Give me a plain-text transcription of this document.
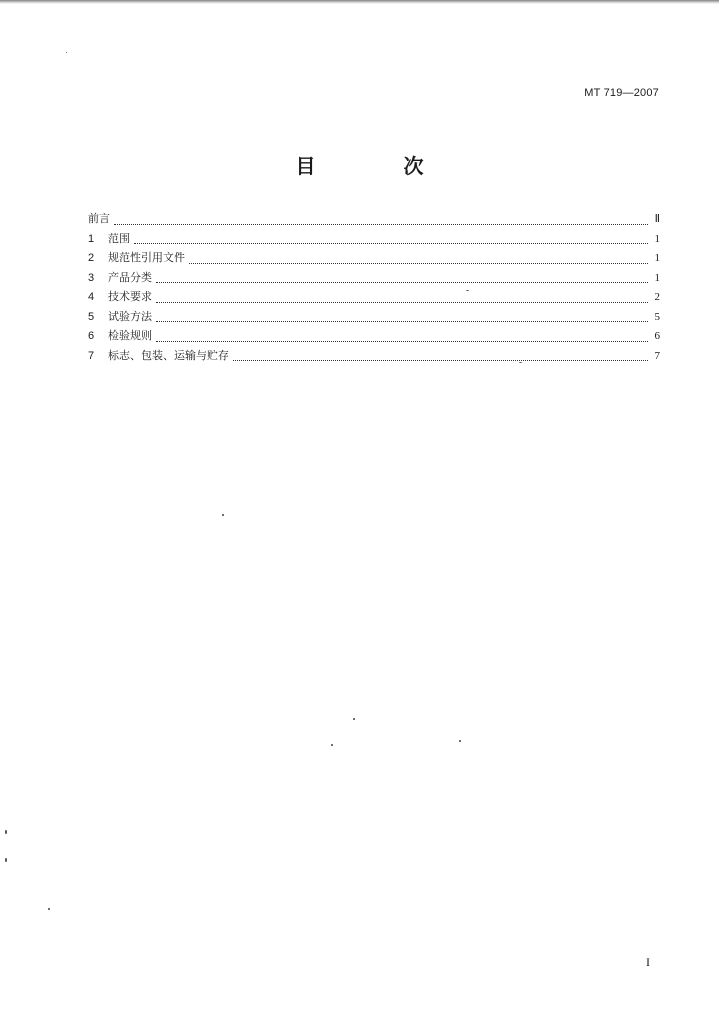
MT 719—2007
目　次
前言	Ⅱ
1	范围	1
2	规范性引用文件	1
3	产品分类	1
4	技术要求	2
5	试验方法	5
6	检验规则	6
7	标志、包装、运输与贮存	7
I
